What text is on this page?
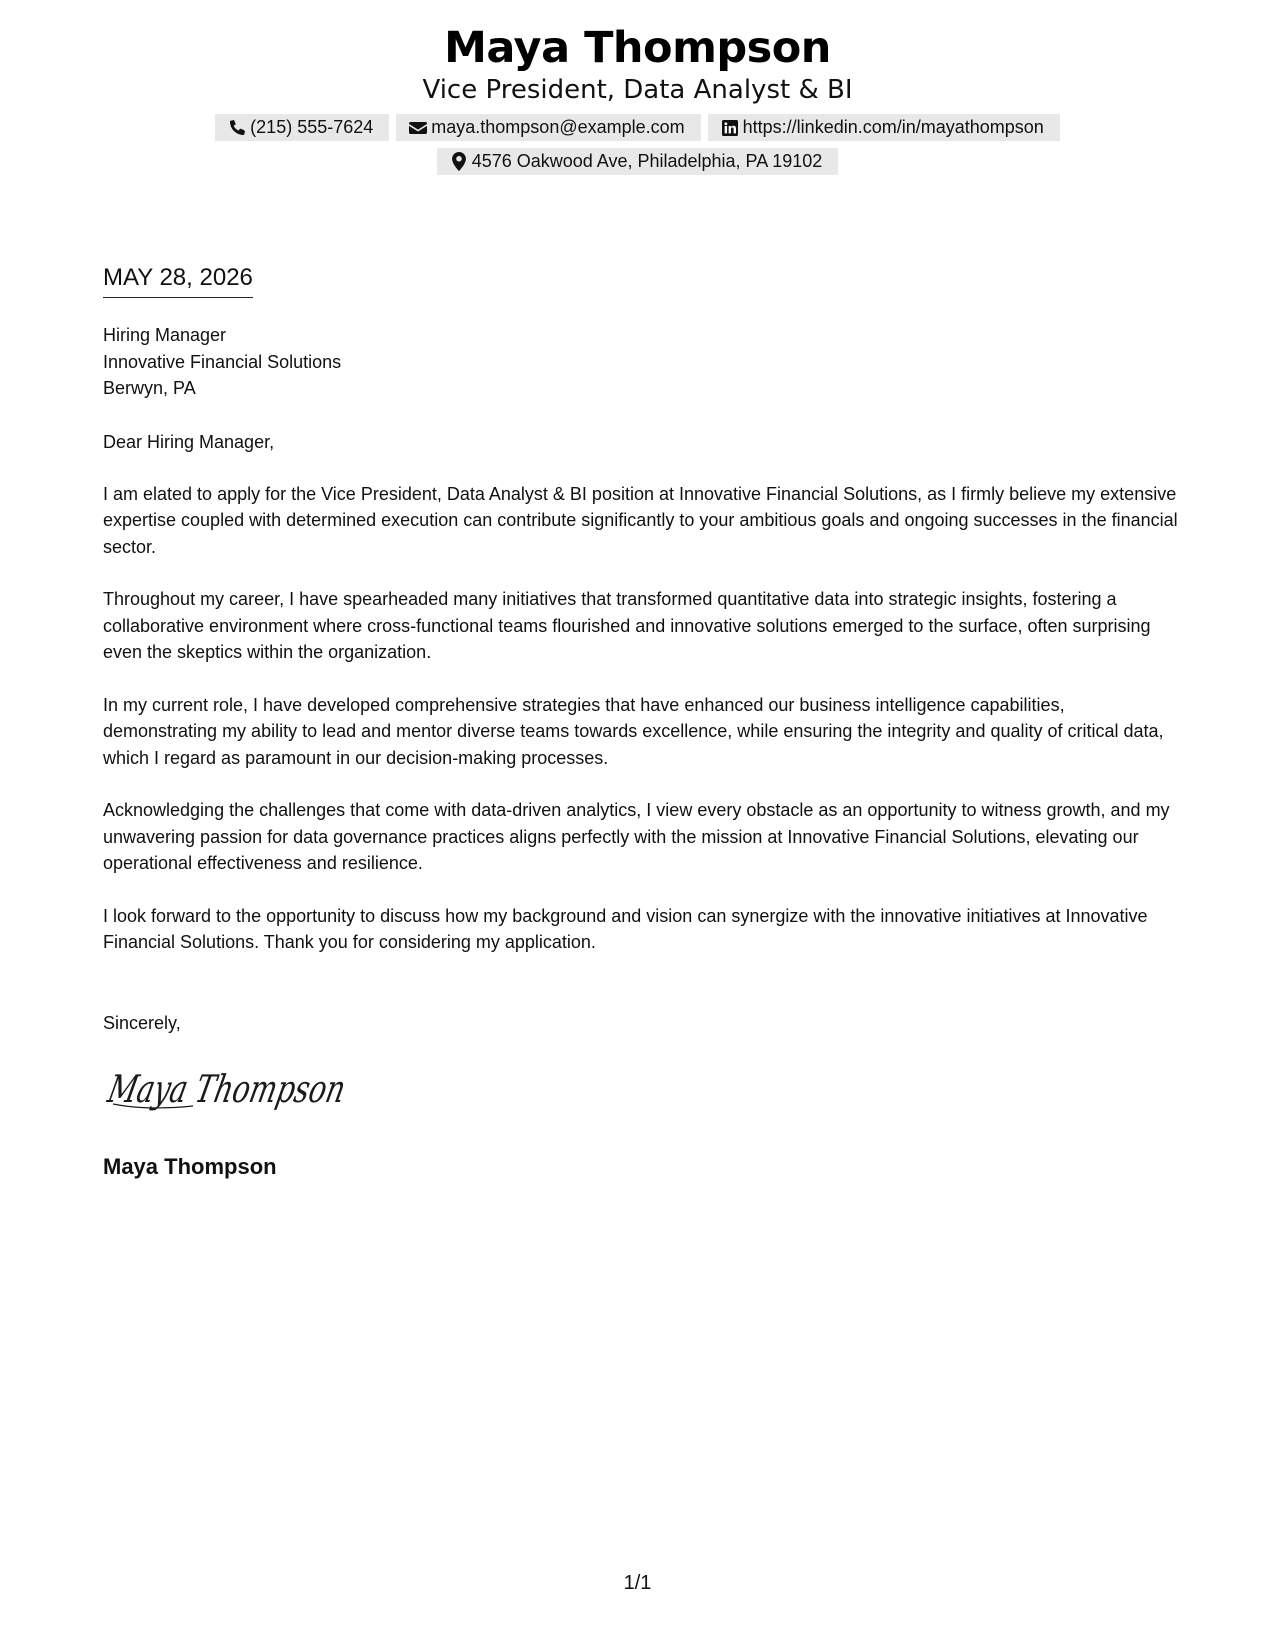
Maya Thompson
Vice President, Data Analyst & BI
(215) 555-7624	maya.thompson@example.com	https://linkedin.com/in/mayathompson
4576 Oakwood Ave, Philadelphia, PA 19102
MAY 28, 2026
Hiring Manager
Innovative Financial Solutions
Berwyn, PA

Dear Hiring Manager,

I am elated to apply for the Vice President, Data Analyst & BI position at Innovative Financial Solutions, as I firmly believe my extensive expertise coupled with determined execution can contribute significantly to your ambitious goals and ongoing successes in the financial sector.

Throughout my career, I have spearheaded many initiatives that transformed quantitative data into strategic insights, fostering a collaborative environment where cross-functional teams flourished and innovative solutions emerged to the surface, often surprising even the skeptics within the organization.

In my current role, I have developed comprehensive strategies that have enhanced our business intelligence capabilities, demonstrating my ability to lead and mentor diverse teams towards excellence, while ensuring the integrity and quality of critical data, which I regard as paramount in our decision-making processes.

Acknowledging the challenges that come with data-driven analytics, I view every obstacle as an opportunity to witness growth, and my unwavering passion for data governance practices aligns perfectly with the mission at Innovative Financial Solutions, elevating our operational effectiveness and resilience.

I look forward to the opportunity to discuss how my background and vision can synergize with the innovative initiatives at Innovative Financial Solutions. Thank you for considering my application.

Sincerely,
Maya Thompson
Maya Thompson
1/1
